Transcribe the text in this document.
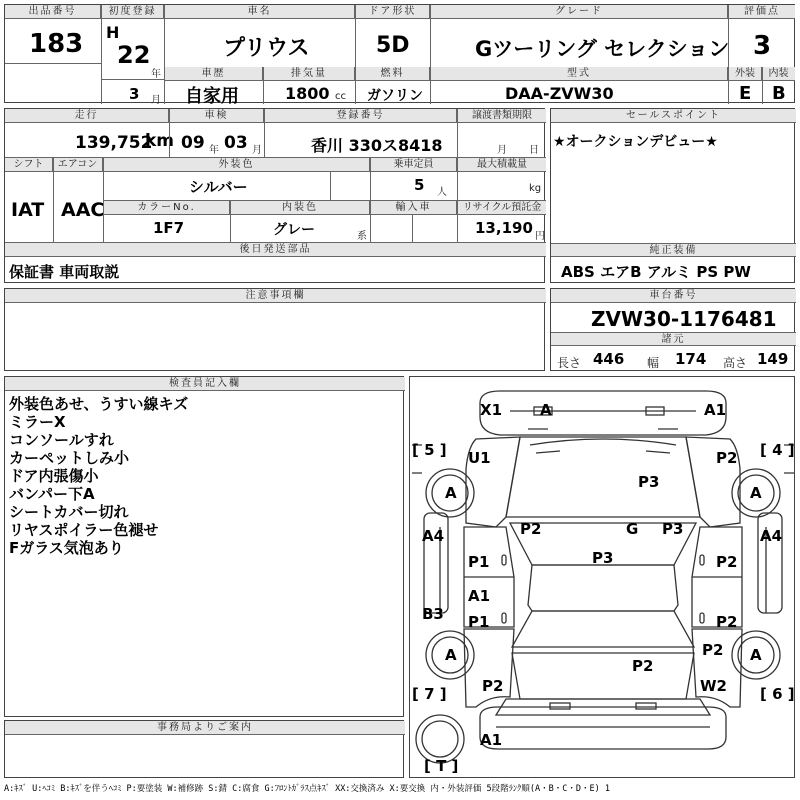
出品番号
183
初度登録
H
22
年
3 月
車名
プリウス
ドア形状
5D
グレード
Gツーリング セレクション
評価点
3
車歴
自家用
排気量
1800 cc
燃料
ガソリン
型式
DAA-ZVW30
外装	内装
E B
走行
139,752
km
車検
09 年 03 月
登録番号
香川 330ス8418
譲渡書類期限
月 日
シフト	エアコン
IAT AAC
外装色
シルバー
乗車定員
5 人
最大積載量
kg
カラーNo.
1F7
内装色
グレー	系
輸入車	リサイクル預託金
13,190 円
後日発送部品
保証書 車両取説
セールスポイント
★オークションデビュー★
純正装備
ABS エアB アルミ PS PW
注意事項欄	車台番号
ZVW30-1176481
諸元
長さ 446 幅 174 高さ 149
検査員記入欄
外装色あせ、うすい線キズ
ミラーX
コンソールすれ
カーペットしみ小
ドア内張傷小
バンパー下A
シートカバー切れ
リヤスポイラー色褪せ
Fガラス気泡あり
事務局よりご案内
X1	A	A1
[ 5 ]	[ 4 ]
U1	P2
A	A
P3
P2	G P3
A4	A4
P1	P3	P2
A1
B3 P1	P2
P2
A	A
P2
P2	W2
[ 7 ]	[ 6 ]
A1
[ T ]
A:ｷｽﾞ U:ﾍｺﾐ B:ｷｽﾞを伴うﾍｺﾐ P:要塗装 W:補修跡 S:錆 C:腐食 G:ﾌﾛﾝﾄｶﾞﾗｽ点ｷｽﾞ XX:交換済み X:要交換 内・外装評価 5段階ﾗﾝｸ順(A・B・C・D・E) 1
